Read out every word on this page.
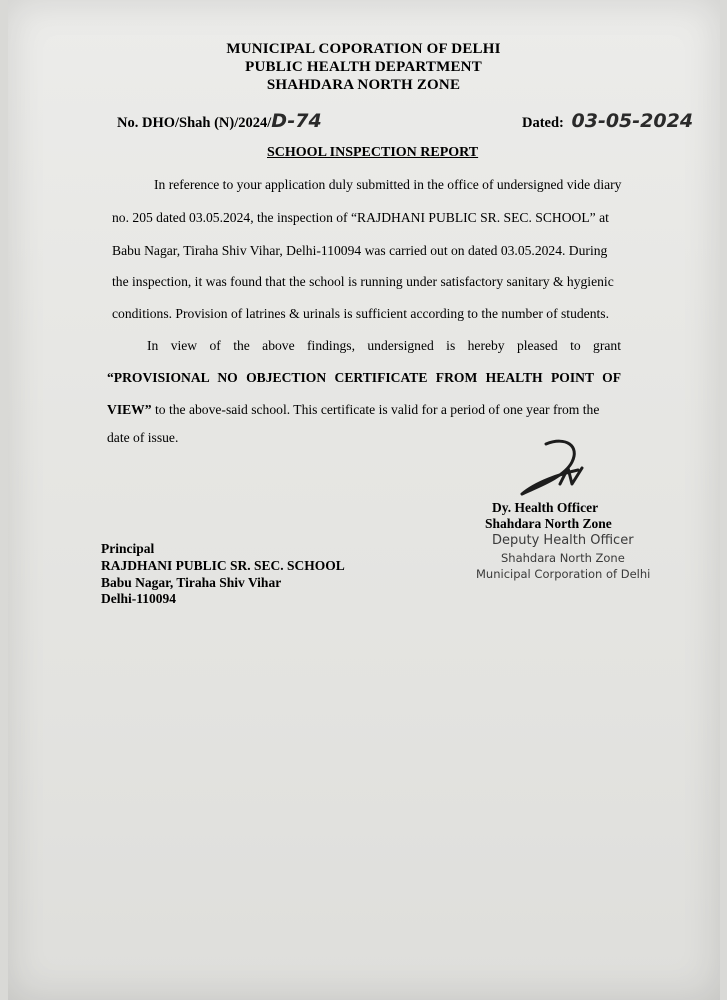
MUNICIPAL COPORATION OF DELHI
PUBLIC HEALTH DEPARTMENT
SHAHDARA NORTH ZONE
No. DHO/Shah (N)/2024/D-74	Dated: 03-05-2024
SCHOOL INSPECTION REPORT
In reference to your application duly submitted in the office of undersigned vide diary
no. 205 dated 03.05.2024, the inspection of “RAJDHANI PUBLIC SR. SEC. SCHOOL” at
Babu Nagar, Tiraha Shiv Vihar, Delhi-110094 was carried out on dated 03.05.2024. During
the inspection, it was found that the school is running under satisfactory sanitary & hygienic
conditions. Provision of latrines & urinals is sufficient according to the number of students.
In view of the above findings, undersigned is hereby pleased to grant
“PROVISIONAL NO OBJECTION CERTIFICATE FROM HEALTH POINT OF
VIEW” to the above-said school. This certificate is valid for a period of one year from the
date of issue.
Dy. Health Officer
Shahdara North Zone
Deputy Health Officer
Shahdara North Zone
Municipal Corporation of Delhi
Principal
RAJDHANI PUBLIC SR. SEC. SCHOOL
Babu Nagar, Tiraha Shiv Vihar
Delhi-110094
